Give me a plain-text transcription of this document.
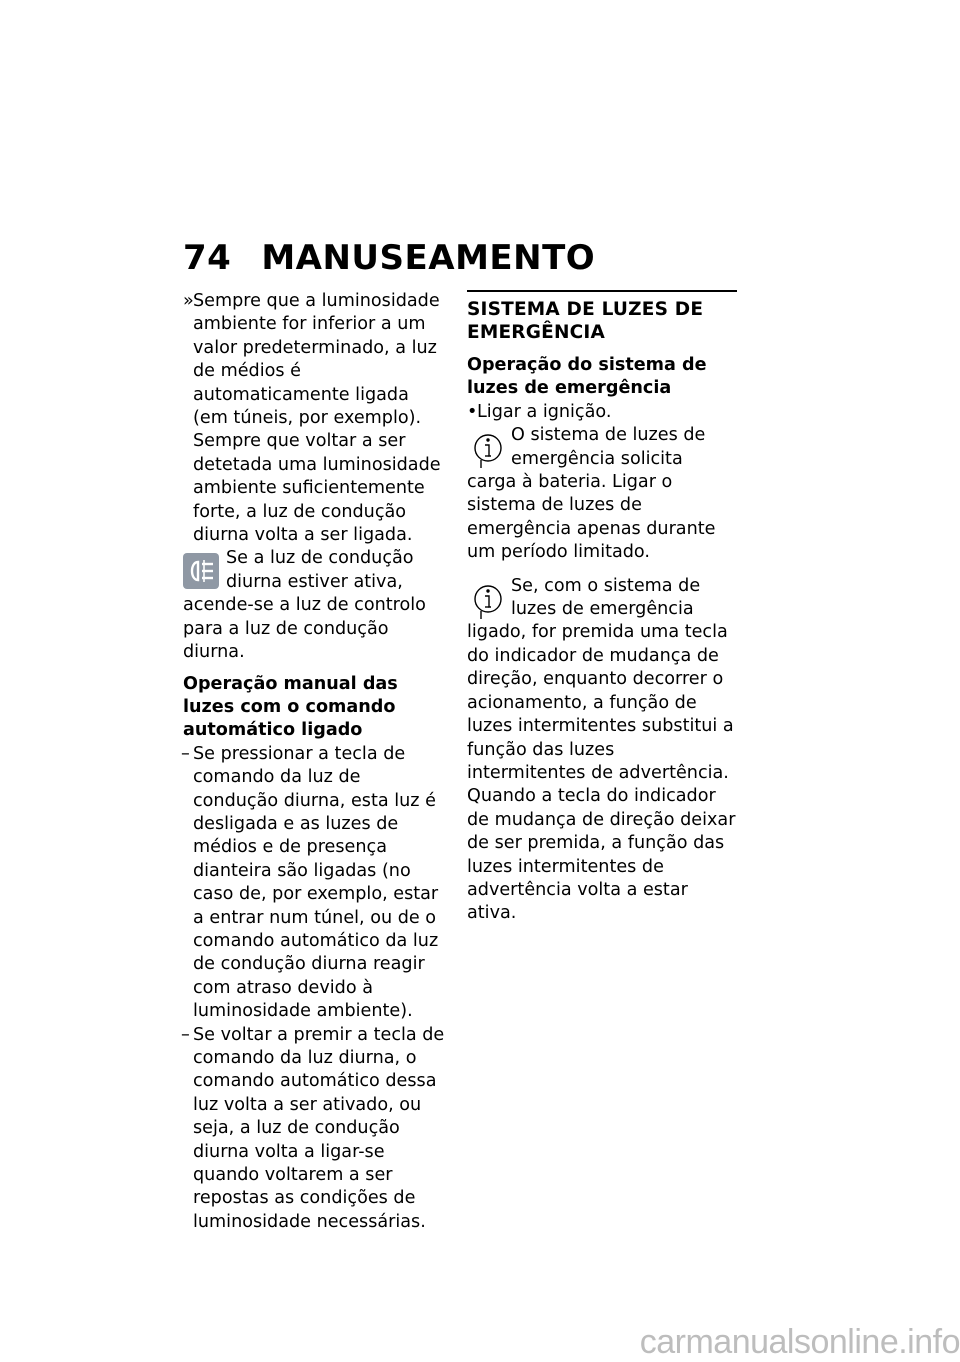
74 MANUSEAMENTO

» Sempre que a luminosidade ambiente for inferior a um valor predeterminado, a luz de médios é automaticamente ligada (em túneis, por exemplo). Sempre que voltar a ser detetada uma luminosidade ambiente suficientemente forte, a luz de condução diurna volta a ser ligada.

Se a luz de condução diurna estiver ativa, acende-se a luz de controlo para a luz de condução diurna.

Operação manual das luzes com o comando automático ligado

– Se pressionar a tecla de comando da luz de condução diurna, esta luz é desligada e as luzes de médios e de presença dianteira são ligadas (no caso de, por exemplo, estar a entrar num túnel, ou de o comando automático da luz de condução diurna reagir com atraso devido à luminosidade ambiente).

– Se voltar a premir a tecla de comando da luz diurna, o comando automático dessa luz volta a ser ativado, ou seja, a luz de condução diurna volta a ligar-se quando voltarem a ser repostas as condições de luminosidade necessárias.

SISTEMA DE LUZES DE EMERGÊNCIA

Operação do sistema de luzes de emergência

• Ligar a ignição.

O sistema de luzes de emergência solicita carga à bateria. Ligar o sistema de luzes de emergência apenas durante um período limitado.

Se, com o sistema de luzes de emergência ligado, for premida uma tecla do indicador de mudança de direção, enquanto decorrer o acionamento, a função de luzes intermitentes substitui a função das luzes intermitentes de advertência. Quando a tecla do indicador de mudança de direção deixar de ser premida, a função das luzes intermitentes de advertência volta a estar ativa.

carmanualsonline.info
